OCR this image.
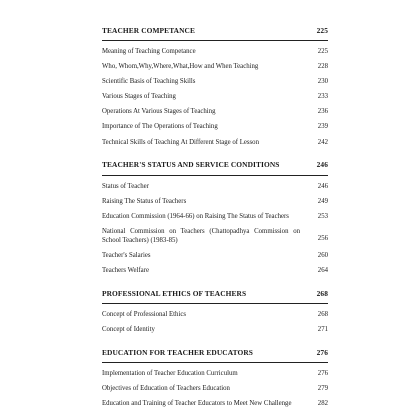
TEACHER COMPETANCE	225
Meaning of Teaching Competance	225
Who, Whom,Why,Where,What,How and When Teaching	228
Scientific Basis of Teaching Skills	230
Various Stages of Teaching	233
Operations At Various Stages of Teaching	236
Importance of The Operations of Teaching	239
Technical Skills of Teaching At Different Stage of Lesson	242
TEACHER'S STATUS AND SERVICE CONDITIONS	246
Status of Teacher	246
Raising The Status of Teachers	249
Education Commission (1964-66) on Raising The Status of Teachers	253
National Commission on Teachers (Chattopadhya Commission on School Teachers) (1983-85)	256
Teacher's Salaries	260
Teachers Welfare	264
PROFESSIONAL ETHICS OF TEACHERS	268
Concept of Professional Ethics	268
Concept of Identity	271
EDUCATION FOR TEACHER EDUCATORS	276
Implementation of Teacher Education Curriculum	276
Objectives of Education of Teachers Education	279
Education and Training of Teacher Educators to Meet New Challenge	282
